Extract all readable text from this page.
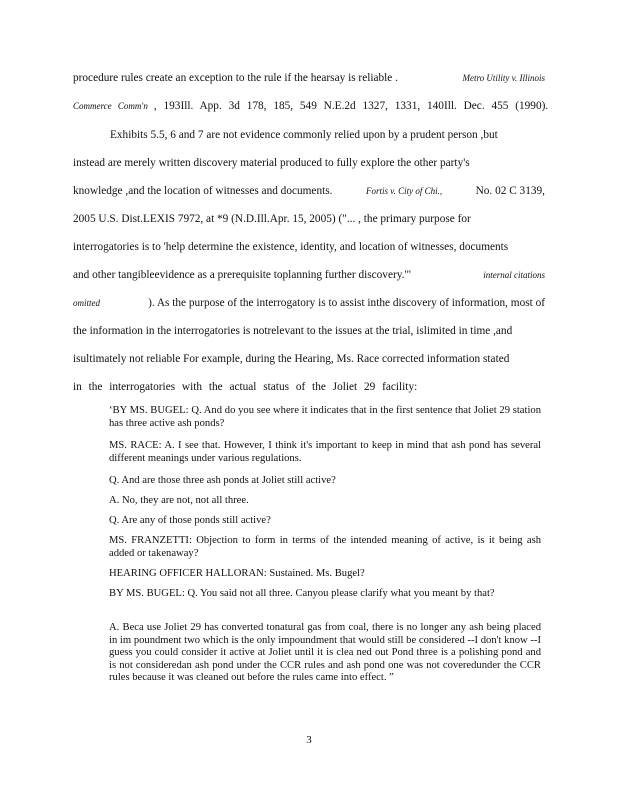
procedure rules create an exception to the rule if the hearsay is reliable .	Metro Utility v. Illinois
Commerce Comm'n , 193Ill. App. 3d 178, 185, 549 N.E.2d 1327, 1331, 140Ill. Dec. 455 (1990).
Exhibits 5.5, 6 and 7 are not evidence commonly relied upon by a prudent person ,but
instead are merely written discovery material produced to fully explore the other party's
knowledge ,and the location of witnesses and documents.	Fortis v. City of Chi.,	No. 02 C 3139,
2005 U.S. Dist.LEXIS 7972, at *9 (N.D.Ill.Apr. 15, 2005) ("... , the primary purpose for
interrogatories is to 'help determine the existence, identity, and location of witnesses, documents
and other tangibleevidence as a prerequisite toplanning further discovery.'"	internal citations
omitted	). As the purpose of the interrogatory is to assist inthe discovery of information, most of
the information in the interrogatories is notrelevant to the issues at the trial, islimited in time ,and
isultimately not reliable For example, during the Hearing, Ms. Race corrected information stated
in the interrogatories with the actual status of the Joliet 29 facility:
‘BY MS. BUGEL: Q. And do you see where it indicates that in the first sentence that Joliet 29 station has three active ash ponds?
MS. RACE: A. I see that. However, I think it's important to keep in mind that ash pond has several different meanings under various regulations.
Q. And are those three ash ponds at Joliet still active?
A. No, they are not, not all three.
Q. Are any of those ponds still active?
MS. FRANZETTI: Objection to form in terms of the intended meaning of active, is it being ash added or takenaway?
HEARING OFFICER HALLORAN: Sustained. Ms. Bugel?
BY MS. BUGEL: Q. You said not all three. Canyou please clarify what you meant by that?
A. Beca use Joliet 29 has converted tonatural gas from coal, there is no longer any ash being placed in im poundment two which is the only impoundment that would still be considered --I don't know --I guess you could consider it active at Joliet until it is clea ned out Pond three is a polishing pond and is not consideredan ash pond under the CCR rules and ash pond one was not coveredunder the CCR rules because it was cleaned out before the rules came into effect. ”
3
